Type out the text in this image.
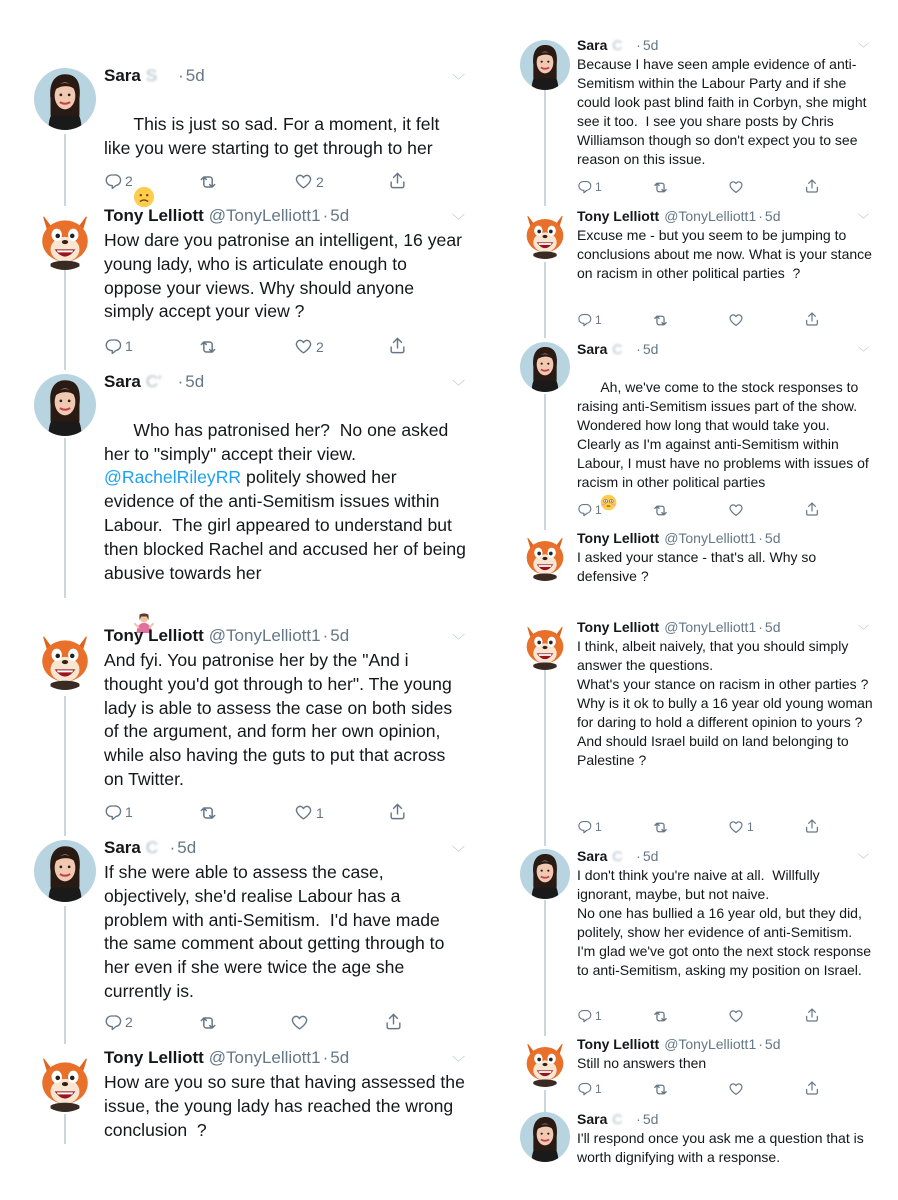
Sara S​​​​​​​​​​​​​​​​ ​ ​​ ​ ​ · 5d	﹀

This is just so sad. For a moment, it felt like you were starting to get through to her

2	2
Tony Lelliott @TonyLelliott1 · 5d	﹀
How dare you patronise an intelligent, 16 year young lady, who is articulate enough to oppose your views. Why should anyone simply accept your view ?
1	2
Sara C​'​​​​​​​​ ​​​​​​​​​​​ ​​​​​​ ​​ · 5d	﹀

Who has patronised her?  No one asked her to "simply" accept their view. @RachelRileyRR politely showed her evidence of the anti-Semitism issues within Labour.  The girl appeared to understand but then blocked Rachel and accused her of being abusive towards her

Tony Lelliott @TonyLelliott1 · 5d	﹀
And fyi. You patronise her by the "And i thought you'd got through to her". The young lady is able to assess the case on both sides of the argument, and form her own opinion, while also having the guts to put that across on Twitter.
1	1
Sara C​​​​​​​​​​​​​​​​ ​​​​​​​​​​​​​​​​​ ​​​ · 5d	﹀
If she were able to assess the case, objectively, she'd realise Labour has a problem with anti-Semitism.  I'd have made the same comment about getting through to her even if she were twice the age she currently is.
2
Tony Lelliott @TonyLelliott1 · 5d	﹀
How are you so sure that having assessed the issue, the young lady has reached the wrong conclusion  ?
Sara C​​​​​​​​​​​ ​​​​​​ ​​​​​​​​​​​ ​ · 5d	﹀
Because I have seen ample evidence of anti-Semitism within the Labour Party and if she could look past blind faith in Corbyn, she might see it too.  I see you share posts by Chris Williamson though so don't expect you to see reason on this issue.
1
Tony Lelliott @TonyLelliott1 · 5d	﹀
Excuse me - but you seem to be jumping to conclusions about me now. What is your stance on racism in other political parties  ?
1
Sara C​​​​​​​​​ ​​​​​​​​ ​​​​​​​​ ​​​​​​ · 5d	﹀

Ah, we've come to the stock responses to raising anti-Semitism issues part of the show.  Wondered how long that would take you.  Clearly as I'm against anti-Semitism within Labour, I must have no problems with issues of racism in other political parties

1
Tony Lelliott @TonyLelliott1 · 5d
I asked your stance - that's all. Why so defensive ?
Tony Lelliott @TonyLelliott1 · 5d	﹀
I think, albeit naively, that you should simply answer the questions.
What's your stance on racism in other parties ?
Why is it ok to bully a 16 year old young woman for daring to hold a different opinion to yours ?
And should Israel build on land belonging to Palestine ?
1	1
Sara C​​​​​​​​​ ​​​​​​​​​​​ ​​​​​​​​ ​​​ · 5d	﹀
I don't think you're naive at all.  Willfully ignorant, maybe, but not naive.
No one has bullied a 16 year old, but they did, politely, show her evidence of anti-Semitism.  I'm glad we've got onto the next stock response to anti-Semitism, asking my position on Israel.
1
Tony Lelliott @TonyLelliott1 · 5d
Still no answers then
1
Sara C​​​​​​​​​​ ​​​​​​​​​​​ ​​​​​​ ​​​​​ · 5d
I'll respond once you ask me a question that is worth dignifying with a response.
